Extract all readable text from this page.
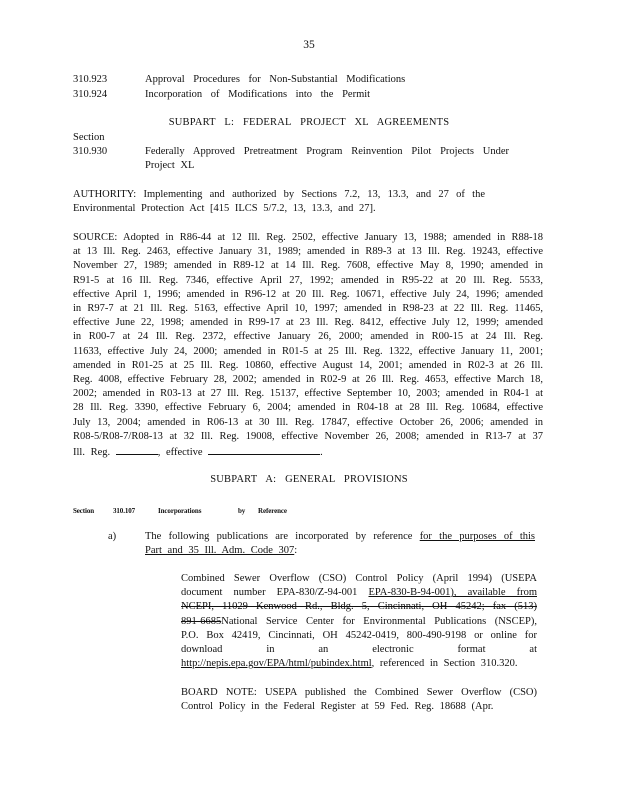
35
310.923	Approval Procedures for Non-Substantial Modifications
310.924	Incorporation of Modifications into the Permit
SUBPART L: FEDERAL PROJECT XL AGREEMENTS
Section
310.930	Federally Approved Pretreatment Program Reinvention Pilot Projects Under Project XL
AUTHORITY: Implementing and authorized by Sections 7.2, 13, 13.3, and 27 of the Environmental Protection Act [415 ILCS 5/7.2, 13, 13.3, and 27].
SOURCE: Adopted in R86-44 at 12 Ill. Reg. 2502, effective January 13, 1988; amended in R88-18 at 13 Ill. Reg. 2463, effective January 31, 1989; amended in R89-3 at 13 Ill. Reg. 19243, effective November 27, 1989; amended in R89-12 at 14 Ill. Reg. 7608, effective May 8, 1990; amended in R91-5 at 16 Ill. Reg. 7346, effective April 27, 1992; amended in R95-22 at 20 Ill. Reg. 5533, effective April 1, 1996; amended in R96-12 at 20 Ill. Reg. 10671, effective July 24, 1996; amended in R97-7 at 21 Ill. Reg. 5163, effective April 10, 1997; amended in R98-23 at 22 Ill. Reg. 11465, effective June 22, 1998; amended in R99-17 at 23 Ill. Reg. 8412, effective July 12, 1999; amended in R00-7 at 24 Ill. Reg. 2372, effective January 26, 2000; amended in R00-15 at 24 Ill. Reg. 11633, effective July 24, 2000; amended in R01-5 at 25 Ill. Reg. 1322, effective January 11, 2001; amended in R01-25 at 25 Ill. Reg. 10860, effective August 14, 2001; amended in R02-3 at 26 Ill. Reg. 4008, effective February 28, 2002; amended in R02-9 at 26 Ill. Reg. 4653, effective March 18, 2002; amended in R03-13 at 27 Ill. Reg. 15137, effective September 10, 2003; amended in R04-1 at 28 Ill. Reg. 3390, effective February 6, 2004; amended in R04-18 at 28 Ill. Reg. 10684, effective July 13, 2004; amended in R06-13 at 30 Ill. Reg. 17847, effective October 26, 2006; amended in R08-5/R08-7/R08-13 at 32 Ill. Reg. 19008, effective November 26, 2008; amended in R13-7 at 37 Ill. Reg.	, effective	.
SUBPART A: GENERAL PROVISIONS
Section	310.107	Incorporations	by Reference
a)	The following publications are incorporated by reference for the purposes of this Part and 35 Ill. Adm. Code 307:
Combined Sewer Overflow (CSO) Control Policy (April 1994) (USEPA document number EPA-830/Z-94-001 EPA-830-B-94-001), available from NCEPI, 11029 Kenwood Rd., Bldg. 5, Cincinnati, OH 45242; fax (513) 891-6685National Service Center for Environmental Publications (NSCEP), P.O. Box 42419, Cincinnati, OH 45242-0419, 800-490-9198 or online for download in an electronic format at http://nepis.epa.gov/EPA/html/pubindex.html, referenced in Section 310.320.
BOARD NOTE: USEPA published the Combined Sewer Overflow (CSO) Control Policy in the Federal Register at 59 Fed. Reg. 18688 (Apr.
